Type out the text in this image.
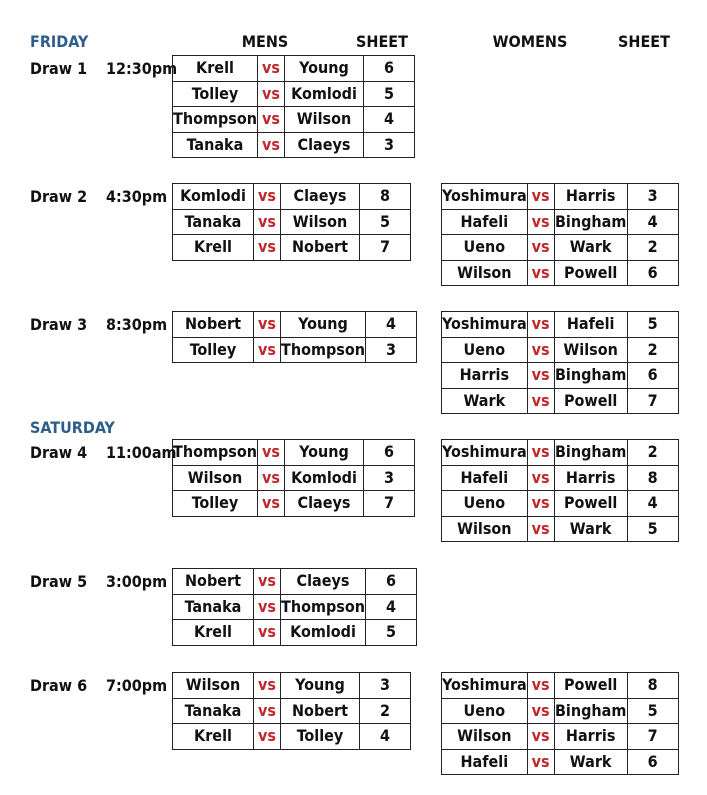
FRIDAY
SATURDAY
MENS	SHEET	WOMENS	SHEET
Draw 1 12:30pm Krell	vs	Young	6
Tolley	vs	Komlodi	5
Thompson	vs	Wilson	4
Tanaka	vs	Claeys	3
Draw 2 4:30pm Komlodi	vs	Claeys	8
Tanaka	vs	Wilson	5
Krell	vs	Nobert	7
Yoshimura	vs	Harris	3
Hafeli	vs	Bingham	4
Ueno	vs	Wark	2
Wilson	vs	Powell	6
Draw 3 8:30pm Nobert	vs	Young	4
Tolley	vs	Thompson	3
Yoshimura	vs	Hafeli	5
Ueno	vs	Wilson	2
Harris	vs	Bingham	6
Wark	vs	Powell	7
Draw 4 11:00am
Thompson	vs	Young	6
Wilson	vs	Komlodi	3
Tolley	vs	Claeys	7
Yoshimura	vs	Bingham	2
Hafeli	vs	Harris	8
Ueno	vs	Powell	4
Wilson	vs	Wark	5
Draw 5 3:00pm Nobert	vs	Claeys	6
Tanaka	vs	Thompson	4
Krell	vs	Komlodi	5
Draw 6 7:00pm Wilson	vs	Young	3
Tanaka	vs	Nobert	2
Krell	vs	Tolley	4
Yoshimura	vs	Powell	8
Ueno	vs	Bingham	5
Wilson	vs	Harris	7
Hafeli	vs	Wark	6
